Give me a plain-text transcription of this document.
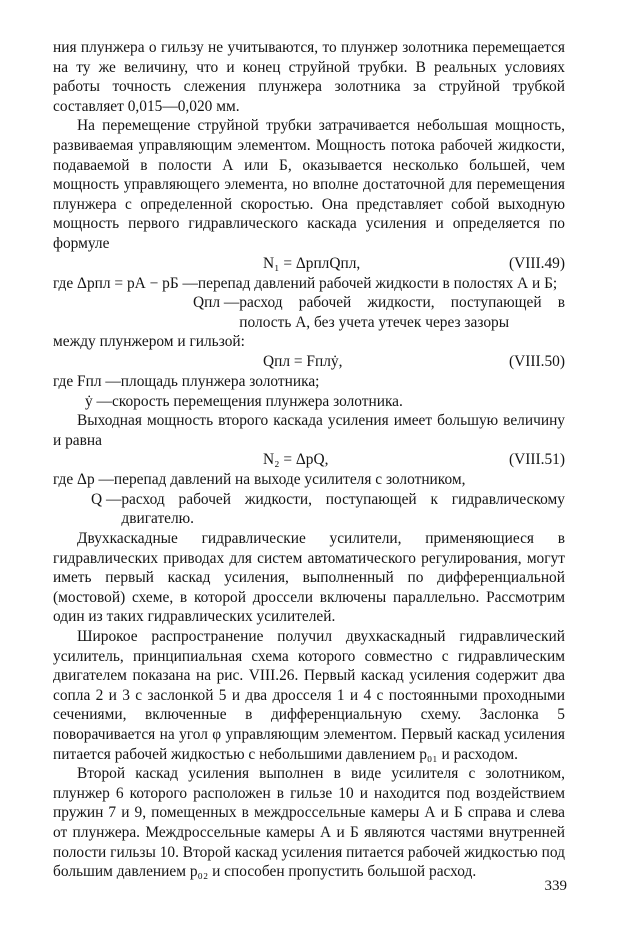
ния плунжера о гильзу не учитываются, то плунжер золотника перемещается на ту же величину, что и конец струйной трубки. В реальных условиях работы точность слежения плунжера золотника за струйной трубкой составляет 0,015—0,020 мм.

На перемещение струйной трубки затрачивается небольшая мощность, развиваемая управляющим элементом. Мощность потока рабочей жидкости, подаваемой в полости А или Б, оказывается несколько большей, чем мощность управляющего элемента, но вполне достаточной для перемещения плунжера с определенной скоростью. Она представляет собой выходную мощность первого гидравлического каскада усиления и определяется по формуле

N₁ = ΔpплQпл,	(VIII.49)
где Δpпл = pА − pБ — перепад давлений рабочей жидкости в полостях А и Б;
Qпл — расход рабочей жидкости, поступающей в полость А, без учета утечек через зазоры

между плунжером и гильзой:

Qпл = Fплẏ,	(VIII.50)
где Fпл — площадь плунжера золотника;
ẏ — скорость перемещения плунжера золотника.

Выходная мощность второго каскада усиления имеет большую величину и равна

N₂ = ΔpQ,	(VIII.51)
где Δp — перепад давлений на выходе усилителя с золотником,
Q — расход рабочей жидкости, поступающей к гидравлическому двигателю.

Двухкаскадные гидравлические усилители, применяющиеся в гидравлических приводах для систем автоматического регулирования, могут иметь первый каскад усиления, выполненный по дифференциальной (мостовой) схеме, в которой дроссели включены параллельно. Рассмотрим один из таких гидравлических усилителей.

Широкое распространение получил двухкаскадный гидравлический усилитель, принципиальная схема которого совместно с гидравлическим двигателем показана на рис. VIII.26. Первый каскад усиления содержит два сопла 2 и 3 с заслонкой 5 и два дросселя 1 и 4 с постоянными проходными сечениями, включенные в дифференциальную схему. Заслонка 5 поворачивается на угол φ управляющим элементом. Первый каскад усиления питается рабочей жидкостью с небольшими давлением p₀₁ и расходом.

Второй каскад усиления выполнен в виде усилителя с золотником, плунжер 6 которого расположен в гильзе 10 и находится под воздействием пружин 7 и 9, помещенных в междроссельные камеры А и Б справа и слева от плунжера. Междроссельные камеры А и Б являются частями внутренней полости гильзы 10. Второй каскад усиления питается рабочей жидкостью под большим давлением p₀₂ и способен пропустить большой расход.

339
